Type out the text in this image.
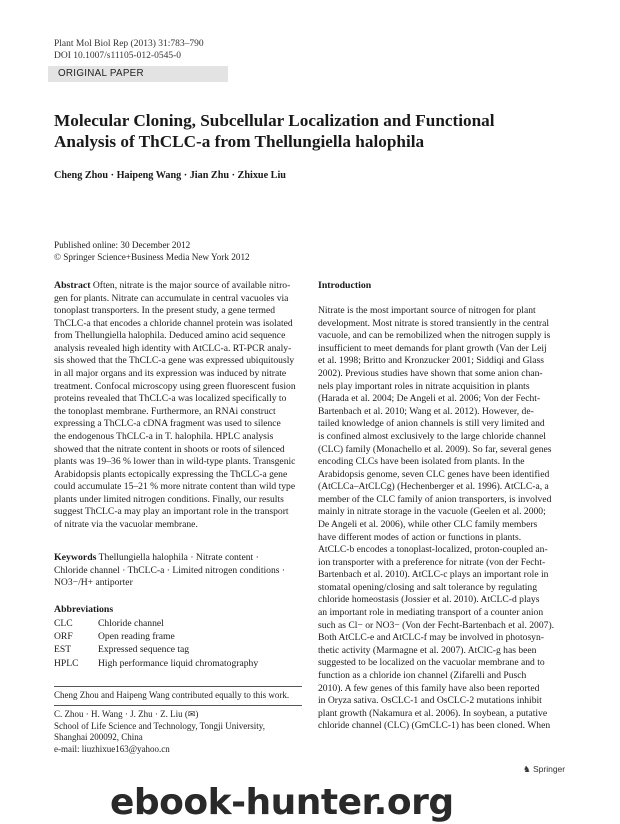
Plant Mol Biol Rep (2013) 31:783–790
DOI 10.1007/s11105-012-0545-0
ORIGINAL PAPER
Molecular Cloning, Subcellular Localization and Functional
Analysis of ThCLC-a from Thellungiella halophila
Cheng Zhou · Haipeng Wang · Jian Zhu · Zhixue Liu
Published online: 30 December 2012
© Springer Science+Business Media New York 2012
Abstract Often, nitrate is the major source of available nitro-
gen for plants. Nitrate can accumulate in central vacuoles via
tonoplast transporters. In the present study, a gene termed
ThCLC-a that encodes a chloride channel protein was isolated
from Thellungiella halophila. Deduced amino acid sequence
analysis revealed high identity with AtCLC-a. RT-PCR analy-
sis showed that the ThCLC-a gene was expressed ubiquitously
in all major organs and its expression was induced by nitrate
treatment. Confocal microscopy using green fluorescent fusion
proteins revealed that ThCLC-a was localized specifically to
the tonoplast membrane. Furthermore, an RNAi construct
expressing a ThCLC-a cDNA fragment was used to silence
the endogenous ThCLC-a in T. halophila. HPLC analysis
showed that the nitrate content in shoots or roots of silenced
plants was 19–36 % lower than in wild-type plants. Transgenic
Arabidopsis plants ectopically expressing the ThCLC-a gene
could accumulate 15–21 % more nitrate content than wild type
plants under limited nitrogen conditions. Finally, our results
suggest ThCLC-a may play an important role in the transport
of nitrate via the vacuolar membrane.
Keywords Thellungiella halophila · Nitrate content ·
Chloride channel · ThCLC-a · Limited nitrogen conditions ·
NO3−/H+ antiporter
Abbreviations
CLC	Chloride channel
ORF	Open reading frame
EST	Expressed sequence tag
HPLC	High performance liquid chromatography
Cheng Zhou and Haipeng Wang contributed equally to this work.
C. Zhou · H. Wang · J. Zhu · Z. Liu (✉)
School of Life Science and Technology, Tongji University,
Shanghai 200092, China
e-mail: liuzhixue163@yahoo.cn
Introduction
Nitrate is the most important source of nitrogen for plant
development. Most nitrate is stored transiently in the central
vacuole, and can be remobilized when the nitrogen supply is
insufficient to meet demands for plant growth (Van der Leij
et al. 1998; Britto and Kronzucker 2001; Siddiqi and Glass
2002). Previous studies have shown that some anion chan-
nels play important roles in nitrate acquisition in plants
(Harada et al. 2004; De Angeli et al. 2006; Von der Fecht-
Bartenbach et al. 2010; Wang et al. 2012). However, de-
tailed knowledge of anion channels is still very limited and
is confined almost exclusively to the large chloride channel
(CLC) family (Monachello et al. 2009). So far, several genes
encoding CLCs have been isolated from plants. In the
Arabidopsis genome, seven CLC genes have been identified
(AtCLCa–AtCLCg) (Hechenberger et al. 1996). AtCLC-a, a
member of the CLC family of anion transporters, is involved
mainly in nitrate storage in the vacuole (Geelen et al. 2000;
De Angeli et al. 2006), while other CLC family members
have different modes of action or functions in plants.
AtCLC-b encodes a tonoplast-localized, proton-coupled an-
ion transporter with a preference for nitrate (von der Fecht-
Bartenbach et al. 2010). AtCLC-c plays an important role in
stomatal opening/closing and salt tolerance by regulating
chloride homeostasis (Jossier et al. 2010). AtCLC-d plays
an important role in mediating transport of a counter anion
such as Cl− or NO3− (Von der Fecht-Bartenbach et al. 2007).
Both AtCLC-e and AtCLC-f may be involved in photosyn-
thetic activity (Marmagne et al. 2007). AtClC-g has been
suggested to be localized on the vacuolar membrane and to
function as a chloride ion channel (Zifarelli and Pusch
2010). A few genes of this family have also been reported
in Oryza sativa. OsCLC-1 and OsCLC-2 mutations inhibit
plant growth (Nakamura et al. 2006). In soybean, a putative
chloride channel (CLC) (GmCLC-1) has been cloned. When
♞ Springer
ebook-hunter.org
